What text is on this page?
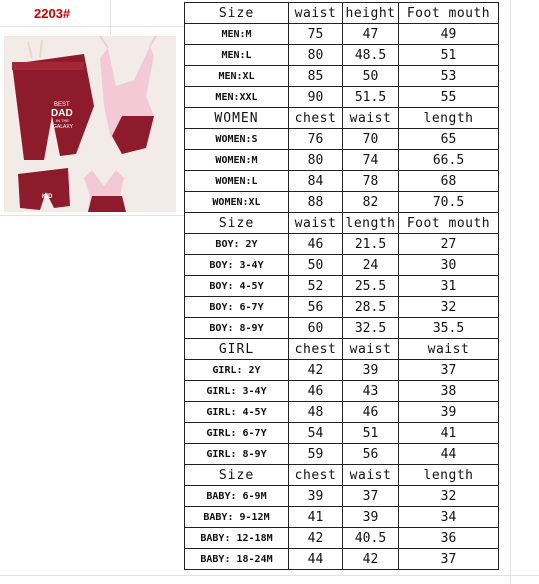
2203#
BEST
DAD
IN THE
GALAXY
KID
Size	waist	height	Foot mouth
MEN:M	75	47	49
MEN:L	80	48.5	51
MEN:XL	85	50	53
MEN:XXL	90	51.5	55
WOMEN	chest	waist	length
WOMEN:S	76	70	65
WOMEN:M	80	74	66.5
WOMEN:L	84	78	68
WOMEN:XL	88	82	70.5
Size	waist	length	Foot mouth
BOY: 2Y	46	21.5	27
BOY: 3-4Y	50	24	30
BOY: 4-5Y	52	25.5	31
BOY: 6-7Y	56	28.5	32
BOY: 8-9Y	60	32.5	35.5
GIRL	chest	waist	waist
GIRL: 2Y	42	39	37
GIRL: 3-4Y	46	43	38
GIRL: 4-5Y	48	46	39
GIRL: 6-7Y	54	51	41
GIRL: 8-9Y	59	56	44
Size	chest	waist	length
BABY: 6-9M	39	37	32
BABY: 9-12M	41	39	34
BABY: 12-18M	42	40.5	36
BABY: 18-24M	44	42	37
